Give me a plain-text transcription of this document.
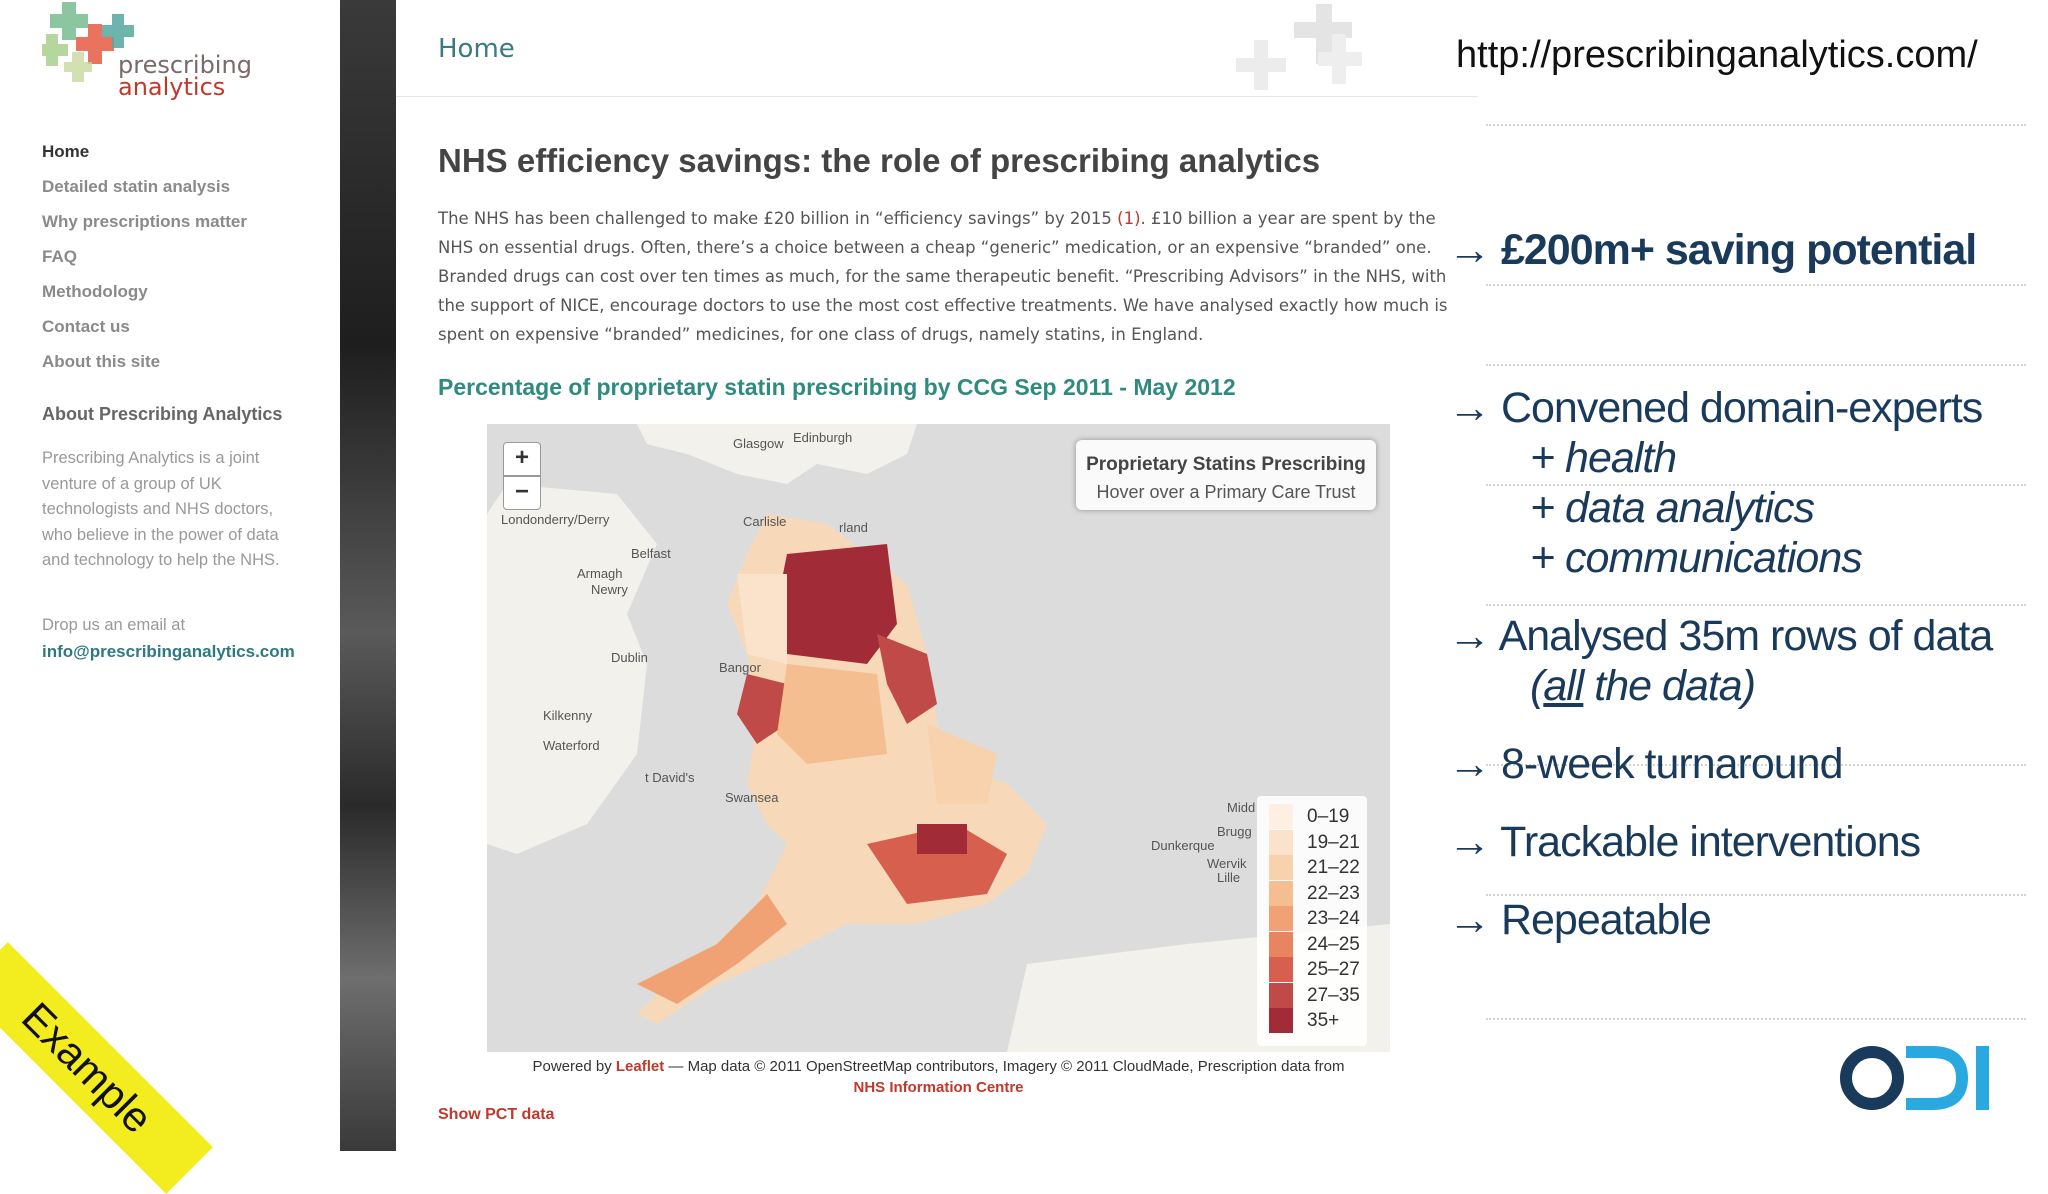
prescribing
analytics
Home
Detailed statin analysis
Why prescriptions matter
FAQ
Methodology
Contact us
About this site
About Prescribing Analytics
Prescribing Analytics is a joint venture of a group of UK technologists and NHS doctors, who believe in the power of data and technology to help the NHS.
Drop us an email at
info@prescribinganalytics.com
Home
NHS efficiency savings: the role of prescribing analytics
The NHS has been challenged to make £20 billion in “efficiency savings” by 2015 (1). £10 billion a year are spent by the NHS on essential drugs. Often, there’s a choice between a cheap “generic” medication, or an expensive “branded” one. Branded drugs can cost over ten times as much, for the same therapeutic benefit. “Prescribing Advisors” in the NHS, with the support of NICE, encourage doctors to use the most cost effective treatments. We have analysed exactly how much is spent on expensive “branded” medicines, for one class of drugs, namely statins, in England.
Percentage of proprietary statin prescribing by CCG Sep 2011 - May 2012
+
−
Proprietary Statins Prescribing
Hover over a Primary Care Trust
Glasgow Edinburgh
Londonderry/Derry
Belfast
Armagh
Newry
Dublin
Bangor
Kilkenny
Waterford
t David's
Swansea
Carlisle	rland
Dunkerque
Brugg
Wervik
Lille
Midd	0–19
19–21
21–22
22–23
23–24
24–25
25–27
27–35
35+
Powered by Leaflet — Map data © 2011 OpenStreetMap contributors, Imagery © 2011 CloudMade, Prescription data from
NHS Information Centre
Show PCT data
http://prescribinganalytics.com/
→ £200m+ saving potential
→ Convened domain-experts
+ health
+ data analytics
+ communications
→ Analysed 35m rows of data
(all the data)
→ 8-week turnaround
→ Trackable interventions
→ Repeatable
ODI
Example
